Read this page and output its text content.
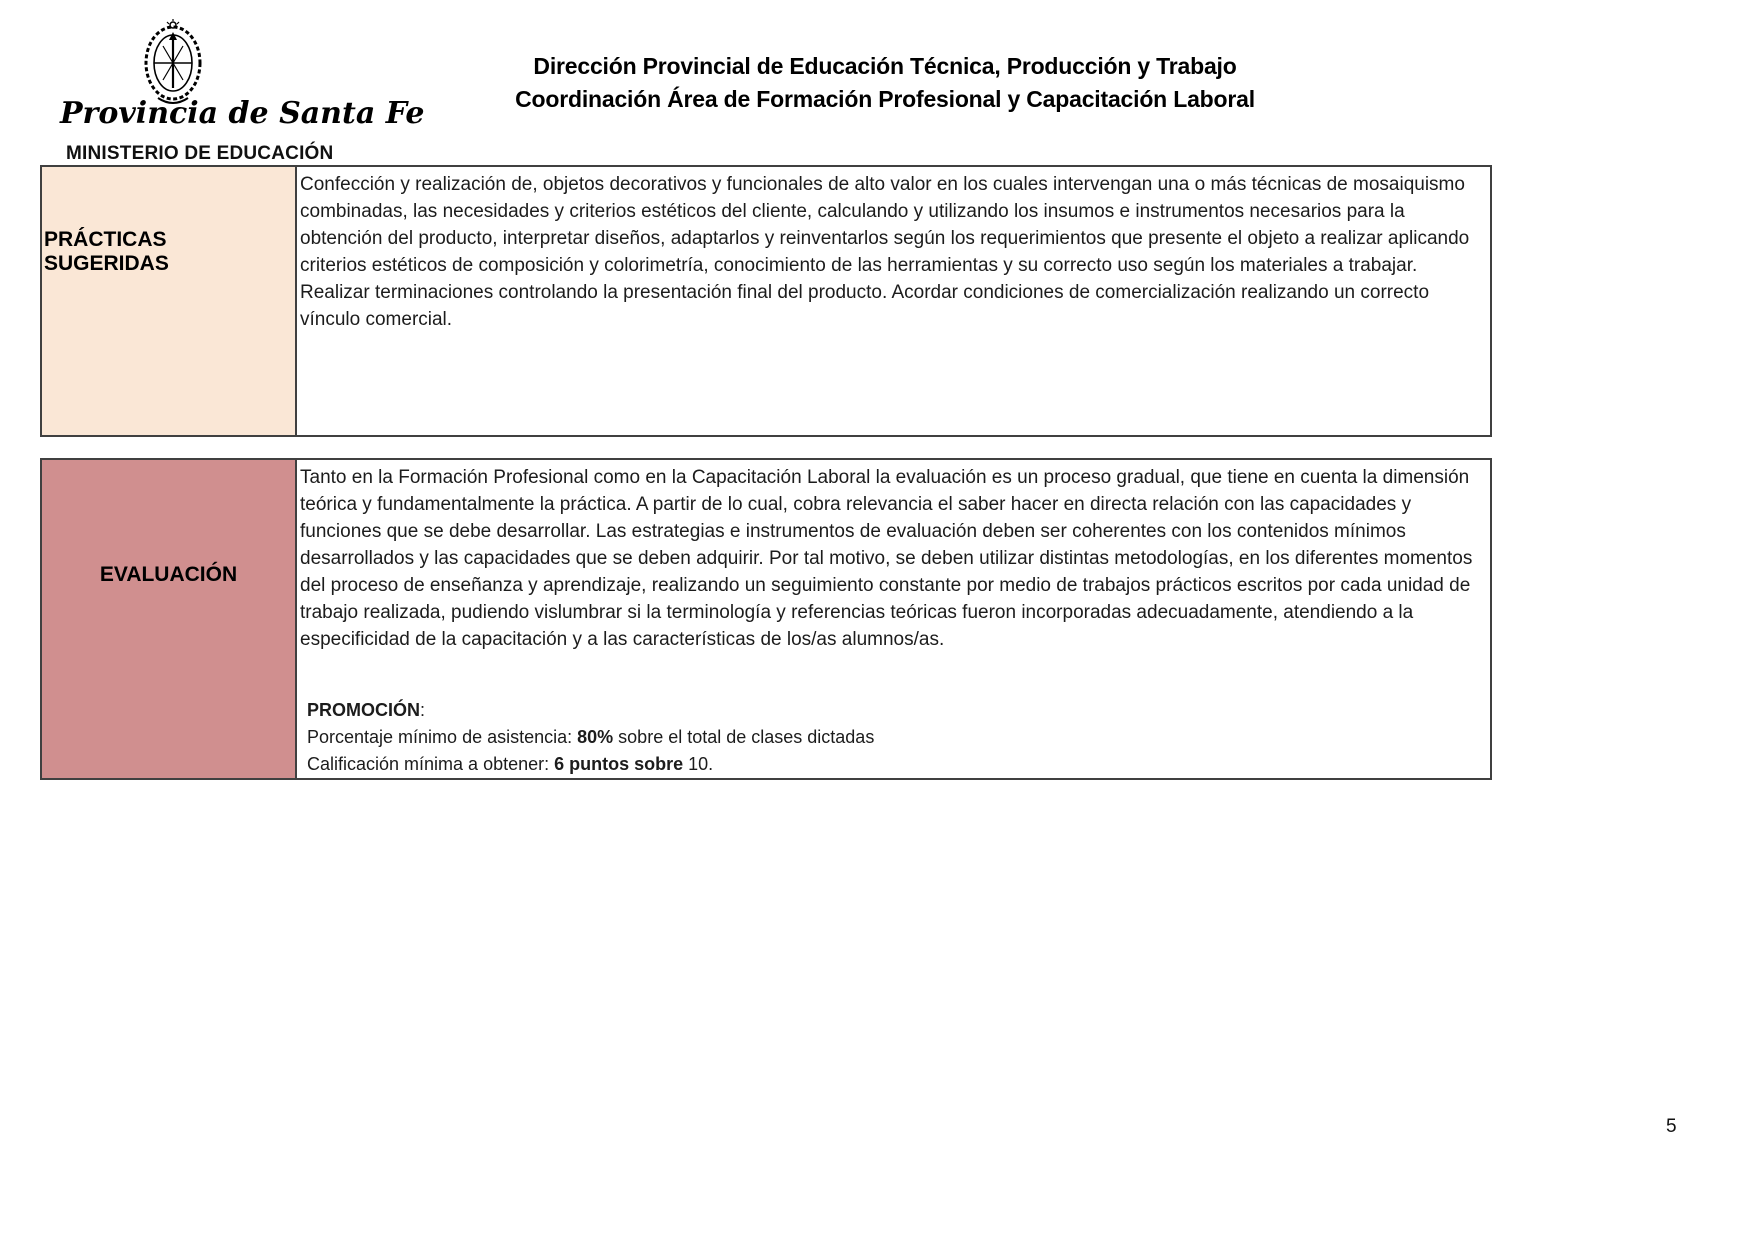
Provincia de Santa Fe
MINISTERIO DE EDUCACIÓN
Dirección Provincial de Educación Técnica, Producción y Trabajo
Coordinación Área de Formación Profesional y Capacitación Laboral
PRÁCTICAS SUGERIDAS
Confección y realización de, objetos decorativos y funcionales de alto valor en los cuales intervengan una o más técnicas de mosaiquismo combinadas, las necesidades y criterios estéticos del cliente, calculando y utilizando los insumos e instrumentos necesarios para la obtención del producto, interpretar diseños, adaptarlos y reinventarlos según los requerimientos que presente el objeto a realizar aplicando criterios estéticos de composición y colorimetría, conocimiento de las herramientas y su correcto uso según los materiales a trabajar. Realizar terminaciones controlando la presentación final del producto. Acordar condiciones de comercialización realizando un correcto vínculo comercial.
EVALUACIÓN
Tanto en la Formación Profesional como en la Capacitación Laboral la evaluación es un proceso gradual, que tiene en cuenta la dimensión teórica y fundamentalmente la práctica. A partir de lo cual, cobra relevancia el saber hacer en directa relación con las capacidades y funciones que se debe desarrollar. Las estrategias e instrumentos de evaluación deben ser coherentes con los contenidos mínimos desarrollados y las capacidades que se deben adquirir. Por tal motivo, se deben utilizar distintas metodologías, en los diferentes momentos del proceso de enseñanza y aprendizaje, realizando un seguimiento constante por medio de trabajos prácticos escritos por cada unidad de trabajo realizada, pudiendo vislumbrar si la terminología y referencias teóricas fueron incorporadas adecuadamente, atendiendo a la especificidad de la capacitación y a las características de los/as alumnos/as.
PROMOCIÓN:
Porcentaje mínimo de asistencia: 80% sobre el total de clases dictadas
Calificación mínima a obtener: 6 puntos sobre 10.
5
